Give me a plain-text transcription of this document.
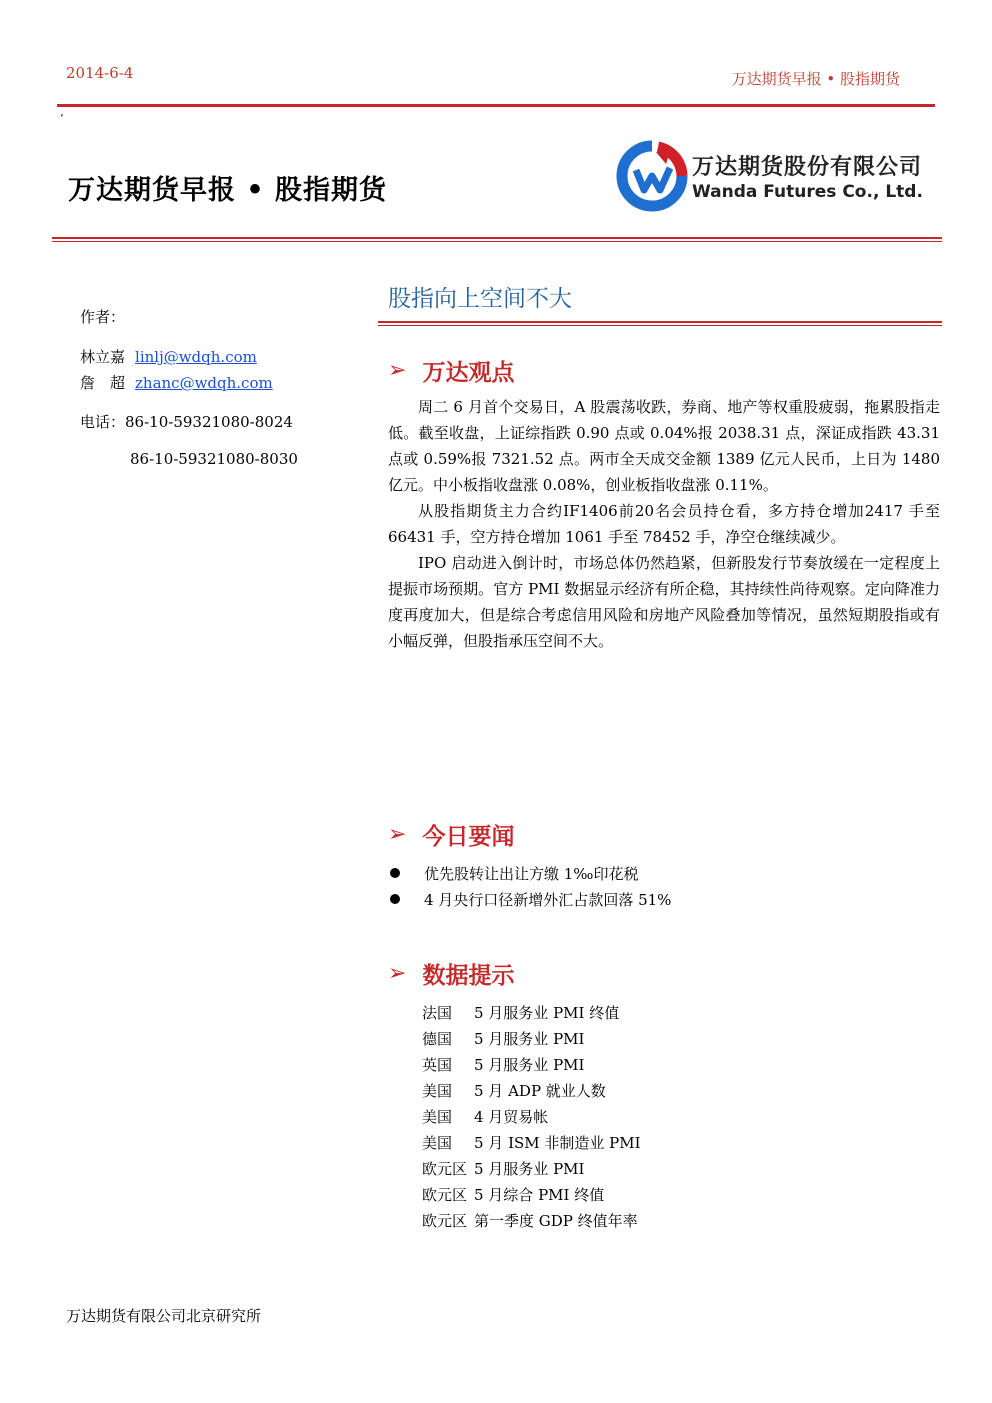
2014-6-4	万达期货早报 • 股指期货
‘
万达期货早报 • 股指期货
万达期货股份有限公司
Wanda Futures Co., Ltd.
股指向上空间不大
作者：
林立嘉 linlj@wdqh.com
詹　超 zhanc@wdqh.com
电话：86-10-59321080-8024
86-10-59321080-8030
➢ 万达观点

周二 6 月首个交易日，A 股震荡收跌，券商、地产等权重股疲弱，拖累股指走低。截至收盘，上证综指跌 0.90 点或 0.04%报 2038.31 点，深证成指跌 43.31 点或 0.59%报 7321.52 点。两市全天成交金额 1389 亿元人民币，上日为 1480 亿元。中小板指收盘涨 0.08%，创业板指收盘涨 0.11%。

从股指期货主力合约IF1406前20名会员持仓看，多方持仓增加2417 手至 66431 手，空方持仓增加 1061 手至 78452 手，净空仓继续减少。

IPO 启动进入倒计时，市场总体仍然趋紧，但新股发行节奏放缓在一定程度上提振市场预期。官方 PMI 数据显示经济有所企稳，其持续性尚待观察。定向降准力度再度加大，但是综合考虑信用风险和房地产风险叠加等情况，虽然短期股指或有小幅反弹，但股指承压空间不大。

➢ 今日要闻
优先股转让出让方缴 1‰印花税
4 月央行口径新增外汇占款回落 51%
➢ 数据提示
法国	5 月服务业 PMI 终值
德国	5 月服务业 PMI
英国	5 月服务业 PMI
美国	5 月 ADP 就业人数
美国	4 月贸易帐
美国	5 月 ISM 非制造业 PMI
欧元区 5 月服务业 PMI
欧元区 5 月综合 PMI 终值
欧元区 第一季度 GDP 终值年率
万达期货有限公司北京研究所
